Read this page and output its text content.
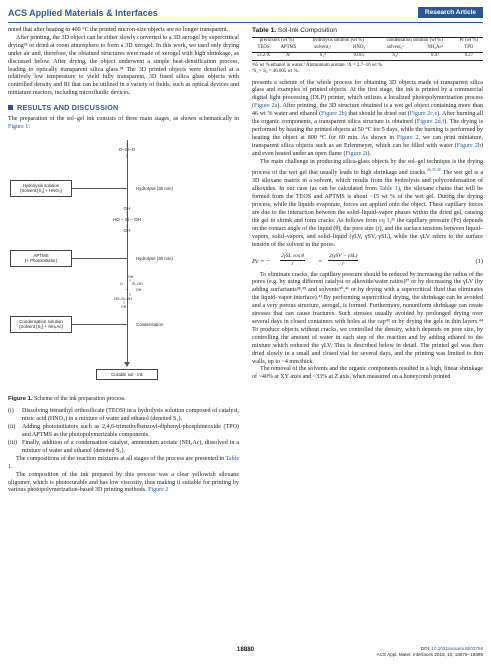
ACS Applied Materials & Interfaces	Research Article

noted that after heating to 400 °C the printed micron-size objects are no longer transparent.

After printing, the 3D object can be either slowly converted to a 3D aerogel by supercritical drying³³ or dried at room atmosphere to form a 3D xerogel. In this work, we used only drying under air and, therefore, the obtained structures were made of xerogel with high shrinkage, as discussed below. After drying, the object underwent a simple heat-densification process, leading to optically transparent silica glass.³⁴ The 3D printed objects were densified at a relatively low temperature to yield fully transparent, 3D fused silica glass objects with controlled density and RI that can be utilized in a variety of fields, such as optical devices and miniature reactors, including microfluidic devices.

RESULTS AND DISCUSSION

The preparation of the sol–gel ink consists of three main stages, as shown schematically in Figure 1:

|
O–Si–O
|
Hydrolysis solution
(Solvent [S₁] + HNO₃)
Hydrolyse (30 min)
OH
|
HO – Si – OH
|
OH
APTMS
(+ Photoinitiator)
Hydrolyse (30 min)
OH
O	Si–OH
+ OH
HO–Si–OH
OH
Condensation solution
(Solvent [S₂] + NH₄Ac)
Condensation
Curable sol - ink
Figure 1. Scheme of the ink preparation process.
(i) Dissolving tetraethyl orthosilicate (TEOS) in a hydrolysis solution composed of catalyst, nitric acid (HNO₃) in a mixture of water and ethanol (denoted S₁).
(ii) Adding photoinitiators such as 2,4,6-trimethylbenzoyl-diphenyl-phosphineoxide (TPO) and APTMS as the photopolymerizable components.
(iii) Finally, addition of a condensation catalyst, ammonium acetate (NH₄Ac), dissolved in a mixture of water and ethanol (denoted S₂).

The compositions of the reaction mixtures at all stages of the process are presented in Table 1.

The composition of the ink prepared by this process was a clear yellowish siloxane oligomer, which is photocurable and has low viscosity, thus making it suitable for printing by various photopolymerization-based 3D printing methods. Figure 2

Table 1. Sol-Ink Composition
precursors (wt %)		hydrolysis solution (wt %)		condensation solution (wt %)		PI (wt %)
TEOS	APTMS	solvent₁ᵃ	HNO₃	solvent₂ᵃ	NH₄Acᵇ	TPO
53.2-X	Xᶜ	S₁ᵈ	0.015	S₂ᵈ	0.47	0.27
ᵃ65 wt % ethanol in water. ᵇAmmonium acetate. ᶜX = 2.7−16 wt %.
ᵈS₁ + S₂ = 46.005 wt %.

presents a scheme of the whole process for obtaining 3D objects made of transparent silica glass and examples of printed objects. At the first stage, the ink is printed by a commercial digital light processing (DLP) printer, which utilizes a localized photopolymerization process (Figure 2a). After printing, the 3D structure obtained is a wet gel object containing more than 46 wt % water and ethanol (Figure 2b) that should be dried out (Figure 2c,e). After burning all the organic components, a transparent silica structure is obtained (Figure 2d,f). The drying is performed by heating the printed objects at 50 °C for 5 days, while the burning is performed by heating the object at 800 °C for 60 min. As shown in Figure 2, we can print miniature, transparent silica objects such as an Erlenmeyer, which can be filled with water (Figure 2h) and even heated under an open flame (Figure 2i).

The main challenge in producing silica-glass objects by the sol–gel technique is the drying process of the wet gel that usually leads to high shrinkage and cracks.$^{26,35,36}$ The wet gel is a 3D siloxane matrix in a solvent, which results from the hydrolysis and polycondensation of alkoxides. In our case (as can be calculated from Table 1), the siloxane chains that will be formed from the TEOS and APTMS is about ~15 wt % of the wet gel. During the drying process, while the liquids evaporate, forces are applied onto the object. These capillary forces are due to the interaction between the solid–liquid–vapor phases within the dried gel, causing the gel to shrink and form cracks. As follows from eq 1,²⁶ the capillary pressure (Pc) depends on the contact angle of the liquid (θ), the pore size (r), and the surface tensions between liquid–vapors, solid–vapors, and solid–liquid (γLV, γSV, γSL), while the γLV refers to the surface tension of the solvent in the pores.

Pc = −
2γSL cos θ
r	=
2(γSV − γSL)
r	(1)

To eliminate cracks, the capillary pressure should be reduced by increasing the radius of the pores (e.g. by using different catalyst or alkoxide/water ratios)³⁷ or by decreasing the γLV (by adding surfactants³⁸,³⁹ and solvents⁴⁰,⁴¹ or by drying with a supercritical fluid that eliminates the liquid–vapor interface).⁴² By performing supercritical drying, the shrinkage can be avoided and a very porous structure, aerogel, is formed. Furthermore, nonuniform shrinkage can create stresses that can cause fractures. Such stresses usually avoided by prolonged drying over several days in closed containers with holes at the cap⁴³ or by drying the gels in thin layers.⁴⁴ To produce objects without cracks, we controlled the density, which depends on pore size, by controlling the amount of water in each step of the reaction and by adding ethanol to the mixture which reduced the γLV. This is described below in detail. The printed gel was then dried slowly in a small and closed vial for several days, and the printing was limited to thin walls, up to ~4 mm thick.

The removal of the solvents and the organic components resulted in a high, linear shrinkage of ~40% at XY axes and ~33% at Z axis, when measured on a honeycomb printed

18880	DOI: 10.1021/acsami.8b03766
ACS Appl. Mater. Interfaces 2018, 10, 18879−18885
